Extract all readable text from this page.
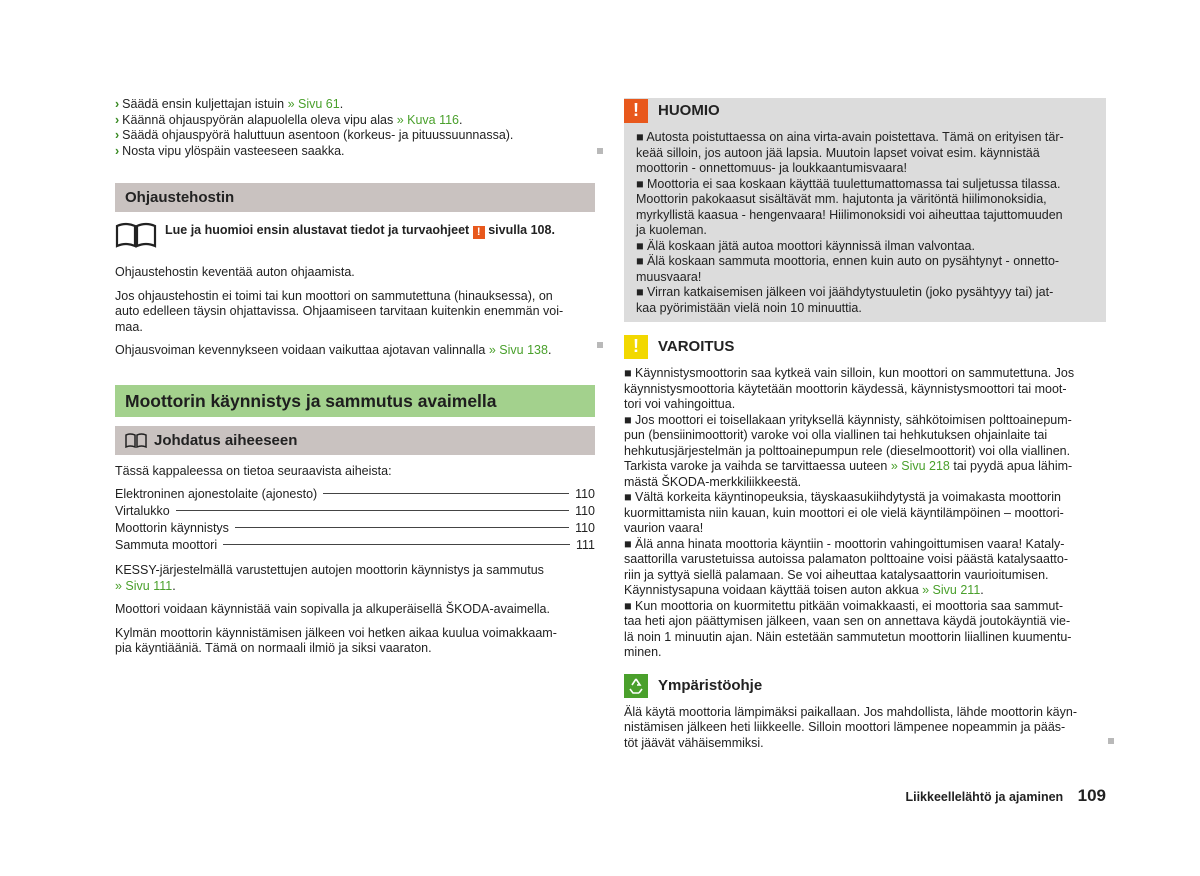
› Säädä ensin kuljettajan istuin » Sivu 61.
› Käännä ohjauspyörän alapuolella oleva vipu alas » Kuva 116.
› Säädä ohjauspyörä haluttuun asentoon (korkeus- ja pituussuunnassa).
› Nosta vipu ylöspäin vasteeseen saakka.
Ohjaustehostin
Lue ja huomioi ensin alustavat tiedot ja turvaohjeet ! sivulla 108.

Ohjaustehostin keventää auton ohjaamista.

Jos ohjaustehostin ei toimi tai kun moottori on sammutettuna (hinauksessa), on
auto edelleen täysin ohjattavissa. Ohjaamiseen tarvitaan kuitenkin enemmän voi-
maa.
Ohjausvoiman kevennykseen voidaan vaikuttaa ajotavan valinnalla » Sivu 138.
Moottorin käynnistys ja sammutus avaimella
Johdatus aiheeseen

Tässä kappaleessa on tietoa seuraavista aiheista:

Elektroninen ajonestolaite (ajonesto)	110
Virtalukko	110
Moottorin käynnistys	110
Sammuta moottori	111
KESSY-järjestelmällä varustettujen autojen moottorin käynnistys ja sammutus
» Sivu 111.

Moottori voidaan käynnistää vain sopivalla ja alkuperäisellä ŠKODA-avaimella.

Kylmän moottorin käynnistämisen jälkeen voi hetken aikaa kuulua voimakkaam-
pia käyntiääniä. Tämä on normaali ilmiö ja siksi vaaraton.
!	HUOMIO
■ Autosta poistuttaessa on aina virta-avain poistettava. Tämä on erityisen tär-
keää silloin, jos autoon jää lapsia. Muutoin lapset voivat esim. käynnistää
moottorin - onnettomuus- ja loukkaantumisvaara!
■ Moottoria ei saa koskaan käyttää tuulettumattomassa tai suljetussa tilassa.
Moottorin pakokaasut sisältävät mm. hajutonta ja väritöntä hiilimonoksidia,
myrkyllistä kaasua - hengenvaara! Hiilimonoksidi voi aiheuttaa tajuttomuuden
ja kuoleman.
■ Älä koskaan jätä autoa moottori käynnissä ilman valvontaa.
■ Älä koskaan sammuta moottoria, ennen kuin auto on pysähtynyt - onnetto-
muusvaara!
■ Virran katkaisemisen jälkeen voi jäähdytystuuletin (joko pysähtyyy tai) jat-
kaa pyörimistään vielä noin 10 minuuttia.
!	VAROITUS
■ Käynnistysmoottorin saa kytkeä vain silloin, kun moottori on sammutettuna. Jos
käynnistysmoottoria käytetään moottorin käydessä, käynnistysmoottori tai moot-
tori voi vahingoittua.
■ Jos moottori ei toisellakaan yrityksellä käynnisty, sähkötoimisen polttoainepum-
pun (bensiinimoottorit) varoke voi olla viallinen tai hehkutuksen ohjainlaite tai
hehkutusjärjestelmän ja polttoainepumpun rele (dieselmoottorit) voi olla viallinen.
Tarkista varoke ja vaihda se tarvittaessa uuteen » Sivu 218 tai pyydä apua lähim-
mästä ŠKODA-merkkiliikkeestä.
■ Vältä korkeita käyntinopeuksia, täyskaasukiihdytystä ja voimakasta moottorin
kuormittamista niin kauan, kuin moottori ei ole vielä käyntilämpöinen – moottori-
vaurion vaara!
■ Älä anna hinata moottoria käyntiin - moottorin vahingoittumisen vaara! Kataly-
saattorilla varustetuissa autoissa palamaton polttoaine voisi päästä katalysaatto-
riin ja syttyä siellä palamaan. Se voi aiheuttaa katalysaattorin vaurioitumisen.
Käynnistysapuna voidaan käyttää toisen auton akkua » Sivu 211.
■ Kun moottoria on kuormitettu pitkään voimakkaasti, ei moottoria saa sammut-
taa heti ajon päättymisen jälkeen, vaan sen on annettava käydä joutokäyntiä vie-
lä noin 1 minuutin ajan. Näin estetään sammutetun moottorin liiallinen kuumentu-
minen.
Ympäristöohje
Älä käytä moottoria lämpimäksi paikallaan. Jos mahdollista, lähde moottorin käyn-
nistämisen jälkeen heti liikkeelle. Silloin moottori lämpenee nopeammin ja pääs-
töt jäävät vähäisemmiksi.
Liikkeellelähtö ja ajaminen 109
